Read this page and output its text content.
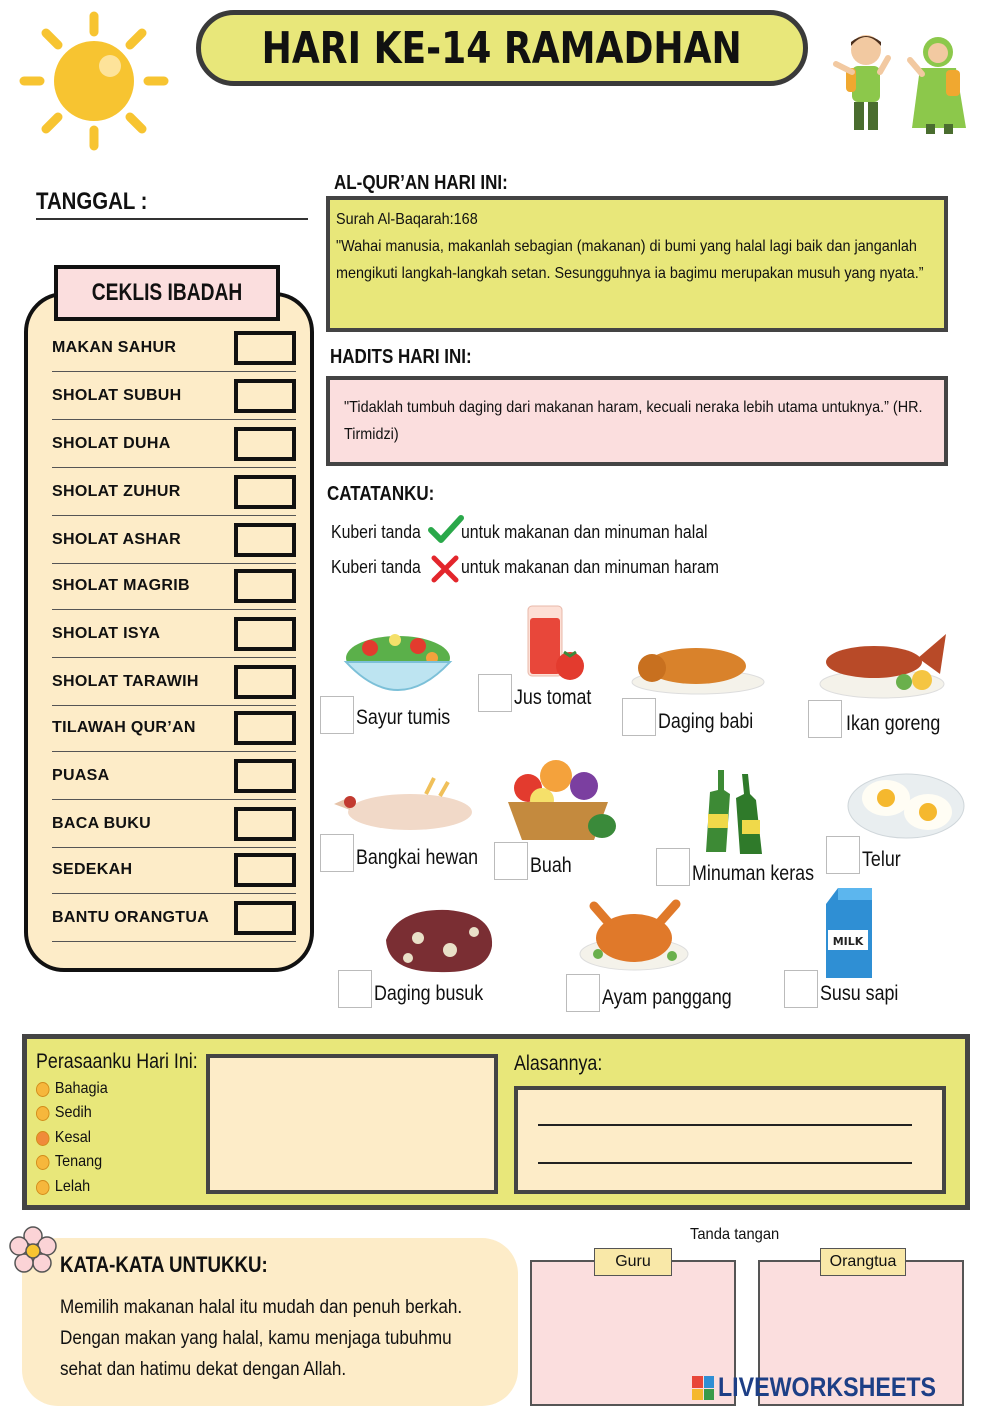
HARI KE-14 RAMADHAN
TANGGAL :
CEKLIS IBADAH
MAKAN SAHUR
SHOLAT SUBUH
SHOLAT DUHA
SHOLAT ZUHUR
SHOLAT ASHAR
SHOLAT MAGRIB
SHOLAT ISYA
SHOLAT TARAWIH
TILAWAH QUR’AN
PUASA
BACA BUKU
SEDEKAH
BANTU ORANGTUA
AL-QUR’AN HARI INI:

Surah Al-Baqarah:168

"Wahai manusia, makanlah sebagian (makanan) di bumi yang halal lagi baik dan janganlah mengikuti langkah-langkah setan. Sesungguhnya ia bagimu merupakan musuh yang nyata.”

HADITS HARI INI:

"Tidaklah tumbuh daging dari makanan haram, kecuali neraka lebih utama untuknya.” (HR. Tirmidzi)

CATATANKU:
Kuberi tanda untuk makanan dan minuman halal
Kuberi tanda untuk makanan dan minuman haram
MILK
Sayur tumis
Jus tomat
Daging babi	Ikan goreng
Bangkai hewan Buah	Minuman keras
Telur
Daging busuk	Ayam panggang	Susu sapi
Perasaanku Hari Ini:
Bahagia
Sedih
Kesal
Tenang
Lelah
Alasannya:
KATA-KATA UNTUKKU:
Memilih makanan halal itu mudah dan penuh berkah. Dengan makan yang halal, kamu menjaga tubuhmu sehat dan hatimu dekat dengan Allah.
Tanda tangan
Guru	Orangtua
LIVEWORKSHEETS
